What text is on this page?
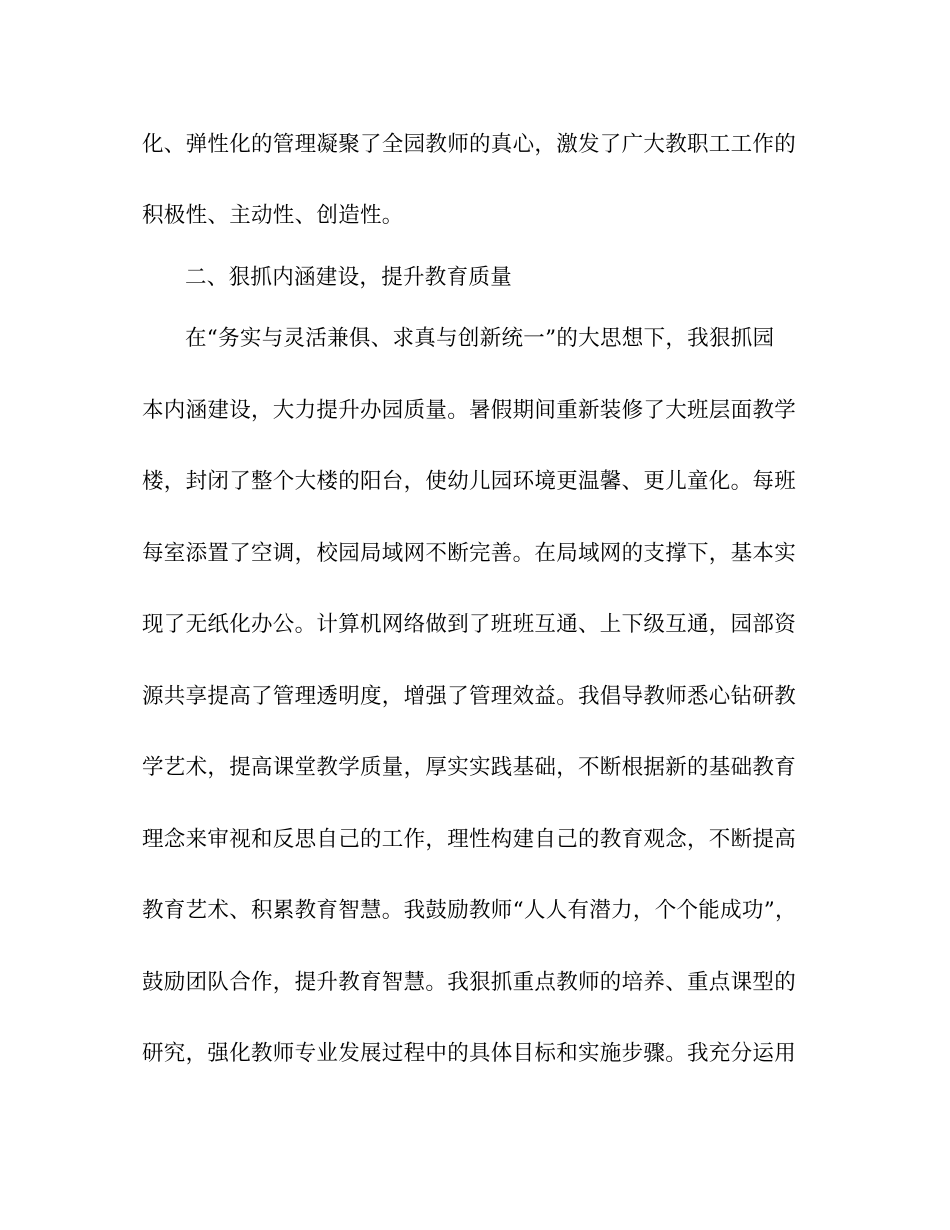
化、弹性化的管理凝聚了全园教师的真心，激发了广大教职工工作的
积极性、主动性、创造性。
二、狠抓内涵建设，提升教育质量
在“务实与灵活兼俱、求真与创新统一”的大思想下，我狠抓园
本内涵建设，大力提升办园质量。暑假期间重新装修了大班层面教学
楼，封闭了整个大楼的阳台，使幼儿园环境更温馨、更儿童化。每班
每室添置了空调，校园局域网不断完善。在局域网的支撑下，基本实
现了无纸化办公。计算机网络做到了班班互通、上下级互通，园部资
源共享提高了管理透明度，增强了管理效益。我倡导教师悉心钻研教
学艺术，提高课堂教学质量，厚实实践基础，不断根据新的基础教育
理念来审视和反思自己的工作，理性构建自己的教育观念，不断提高
教育艺术、积累教育智慧。我鼓励教师“人人有潜力，个个能成功”，
鼓励团队合作，提升教育智慧。我狠抓重点教师的培养、重点课型的
研究，强化教师专业发展过程中的具体目标和实施步骤。我充分运用
